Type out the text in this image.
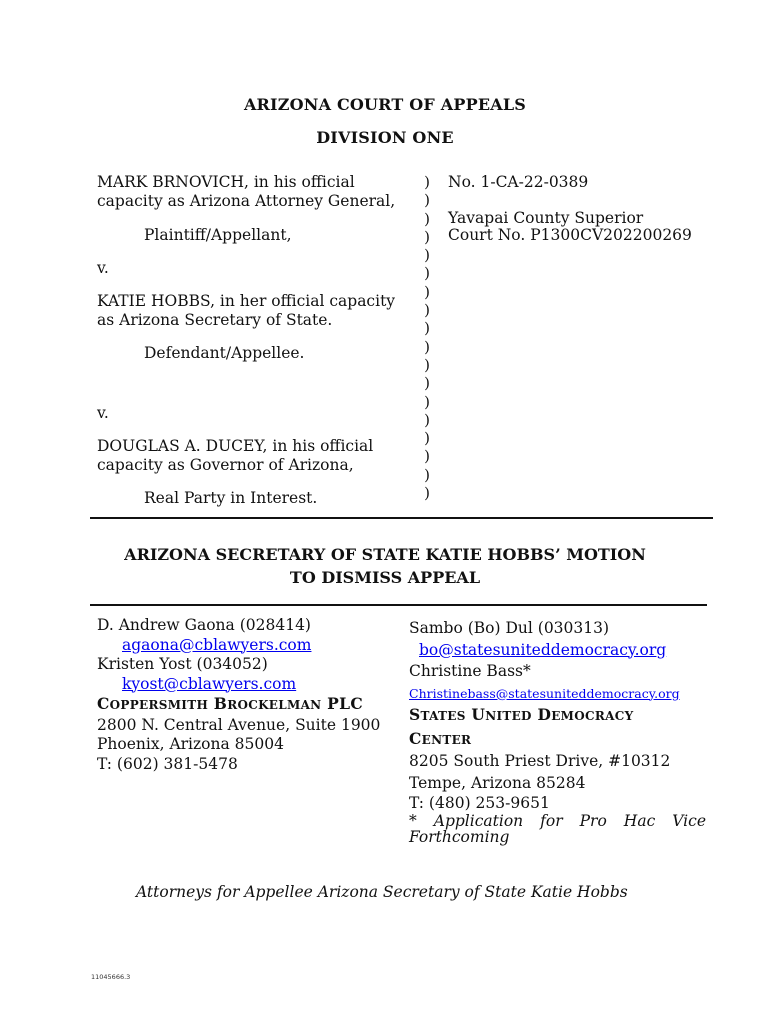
ARIZONA COURT OF APPEALS
DIVISION ONE
MARK BRNOVICH, in his official
capacity as Arizona Attorney General,
Plaintiff/Appellant,
v.
KATIE HOBBS, in her official capacity
as Arizona Secretary of State.
Defendant/Appellee.
v.
DOUGLAS A. DUCEY, in his official
capacity as Governor of Arizona,
Real Party in Interest.
)
)
)
)
)
)
)
)
)
)
)
)
)
)
)
)
)
)
No. 1-CA-22-0389
Yavapai County Superior
Court No. P1300CV202200269
ARIZONA SECRETARY OF STATE KATIE HOBBS’ MOTION
TO DISMISS APPEAL
D. Andrew Gaona (028414)
agaona@cblawyers.com
Kristen Yost (034052)
kyost@cblawyers.com
COPPERSMITH BROCKELMAN PLC
2800 N. Central Avenue, Suite 1900
Phoenix, Arizona 85004
T: (602) 381-5478
Sambo (Bo) Dul (030313)
bo@statesuniteddemocracy.org
Christine Bass*
Christinebass@statesuniteddemocracy.org
STATES UNITED DEMOCRACY
CENTER
8205 South Priest Drive, #10312
Tempe, Arizona 85284
T: (480) 253-9651
* Application for Pro Hac Vice
Forthcoming
Attorneys for Appellee Arizona Secretary of State Katie Hobbs
11045666.3
